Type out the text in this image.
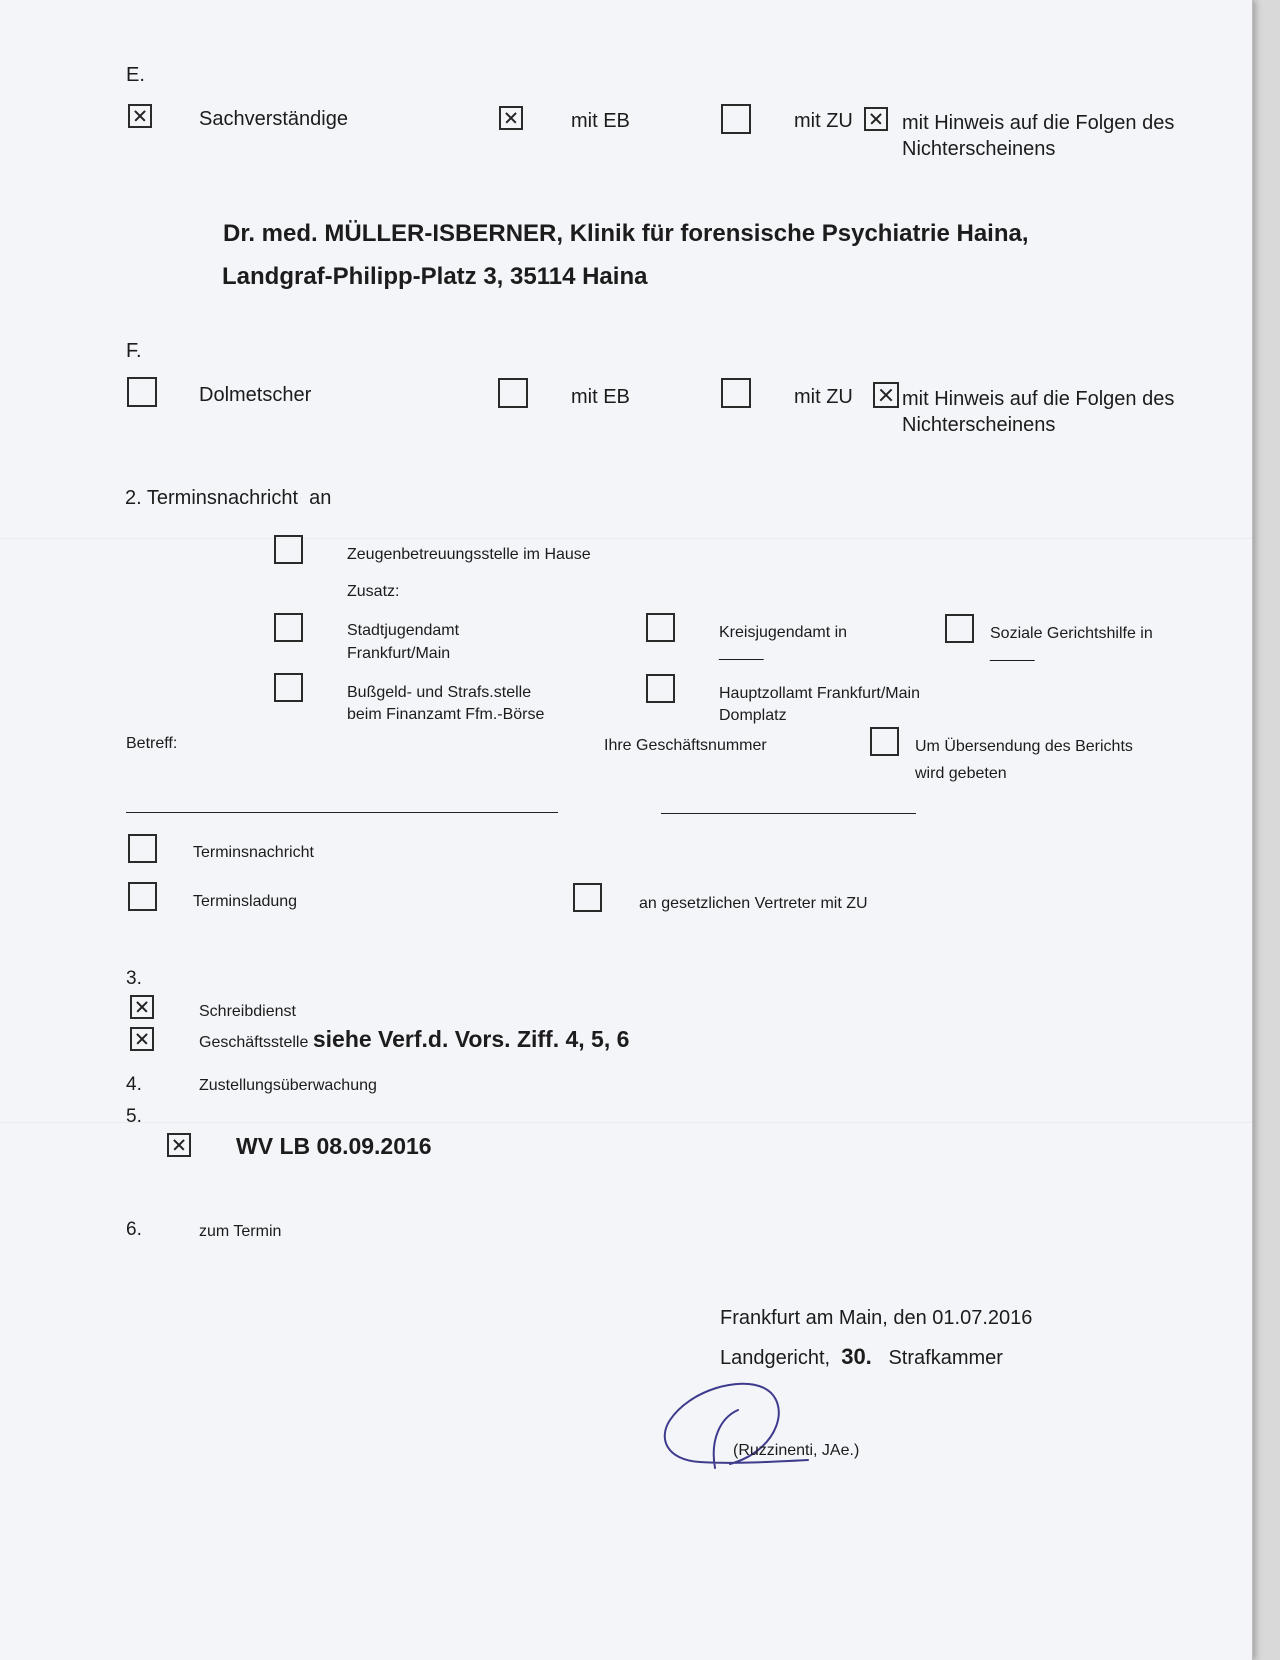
E.
Sachverständige	mit EB	mit ZU mit Hinweis auf die Folgen des
Nichterscheinens
Dr. med. MÜLLER-ISBERNER, Klinik für forensische Psychiatrie Haina,
Landgraf-Philipp-Platz 3, 35114 Haina
F.
Dolmetscher	mit EB	mit ZU mit Hinweis auf die Folgen des
Nichterscheinens
2. Terminsnachricht an
Zeugenbetreuungsstelle im Hause
Zusatz:
Stadtjugendamt
Frankfurt/Main
Kreisjugendamt in
_____
Soziale Gerichtshilfe in
_____
Bußgeld- und Strafs.stelle
beim Finanzamt Ffm.-Börse
Hauptzollamt Frankfurt/Main
Domplatz
Betreff:	Ihre Geschäftsnummer	Um Übersendung des Berichts
wird gebeten
Terminsnachricht
Terminsladung	an gesetzlichen Vertreter mit ZU
3.
Schreibdienst
Geschäftsstelle siehe Verf.d. Vors. Ziff. 4, 5, 6
4.	Zustellungsüberwachung
5.
WV LB 08.09.2016
6.	zum Termin
Frankfurt am Main, den 01.07.2016
Landgericht, 30. Strafkammer
(Ruzzinenti, JAe.)
